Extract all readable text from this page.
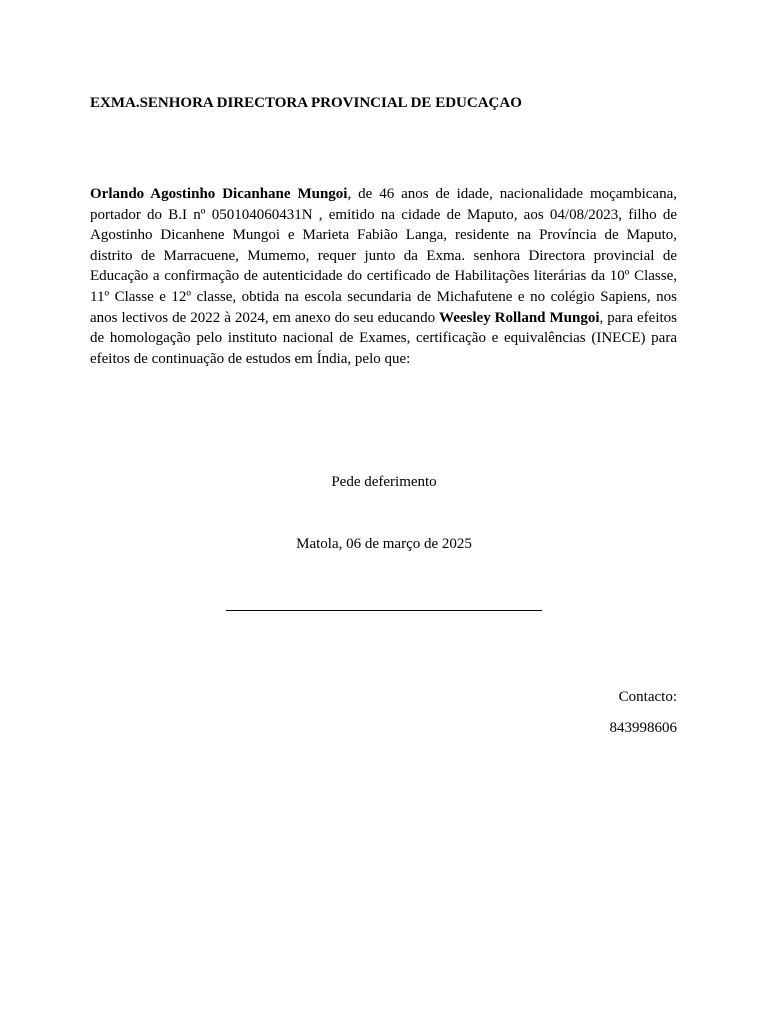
EXMA.SENHORA DIRECTORA PROVINCIAL DE EDUCAÇAO
Orlando Agostinho Dicanhane Mungoi, de 46 anos de idade, nacionalidade moçambicana, portador do B.I nº 050104060431N , emitido na cidade de Maputo, aos 04/08/2023, filho de Agostinho Dicanhene Mungoi e Marieta Fabião Langa, residente na Província de Maputo, distrito de Marracuene, Mumemo, requer junto da Exma. senhora Directora provincial de Educação a confirmação de autenticidade do certificado de Habilitações literárias da 10º Classe, 11º Classe e 12º classe, obtida na escola secundaria de Michafutene e no colégio Sapiens, nos anos lectivos de 2022 à 2024, em anexo do seu educando Weesley Rolland Mungoi, para efeitos de homologação pelo instituto nacional de Exames, certificação e equivalências (INECE) para efeitos de continuação de estudos em Índia, pelo que:
Pede deferimento
Matola, 06 de março de 2025
Contacto:
843998606
